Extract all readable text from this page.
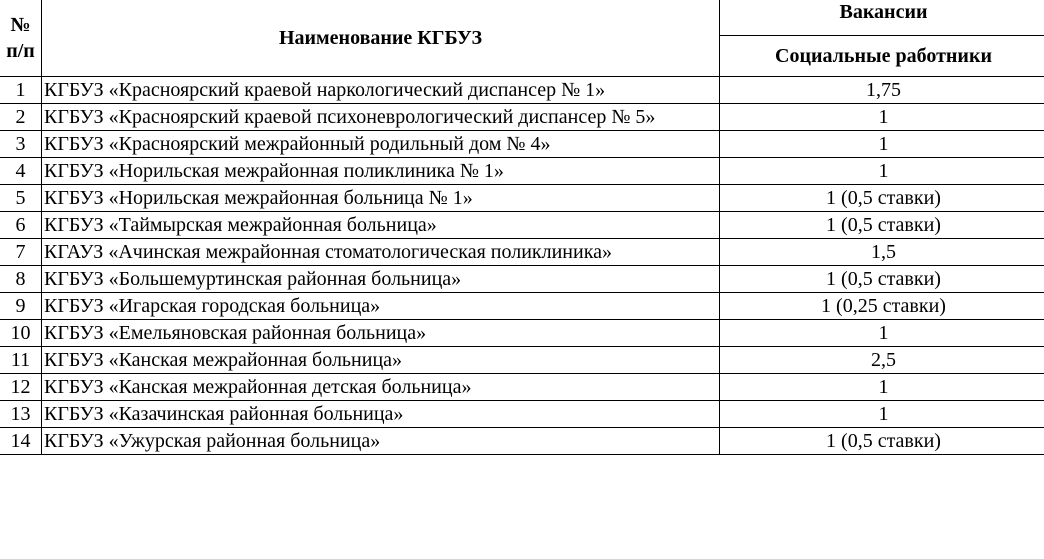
№
п/п	Наименование КГБУЗ	Вакансии
		Социальные работники
1	КГБУЗ «Красноярский краевой наркологический диспансер № 1»	1,75
2	КГБУЗ «Красноярский краевой психоневрологический диспансер № 5»	1
3	КГБУЗ «Красноярский межрайонный родильный дом № 4»	1
4	КГБУЗ «Норильская межрайонная поликлиника № 1»	1
5	КГБУЗ «Норильская межрайонная больница № 1»	1 (0,5 ставки)
6	КГБУЗ «Таймырская межрайонная больница»	1 (0,5 ставки)
7	КГАУЗ «Ачинская межрайонная стоматологическая поликлиника»	1,5
8	КГБУЗ «Большемуртинская районная больница»	1 (0,5 ставки)
9	КГБУЗ «Игарская городская больница»	1 (0,25 ставки)
10	КГБУЗ «Емельяновская районная больница»	1
11	КГБУЗ «Канская межрайонная больница»	2,5
12	КГБУЗ «Канская межрайонная детская больница»	1
13	КГБУЗ «Казачинская районная больница»	1
14	КГБУЗ «Ужурская районная больница»	1 (0,5 ставки)
